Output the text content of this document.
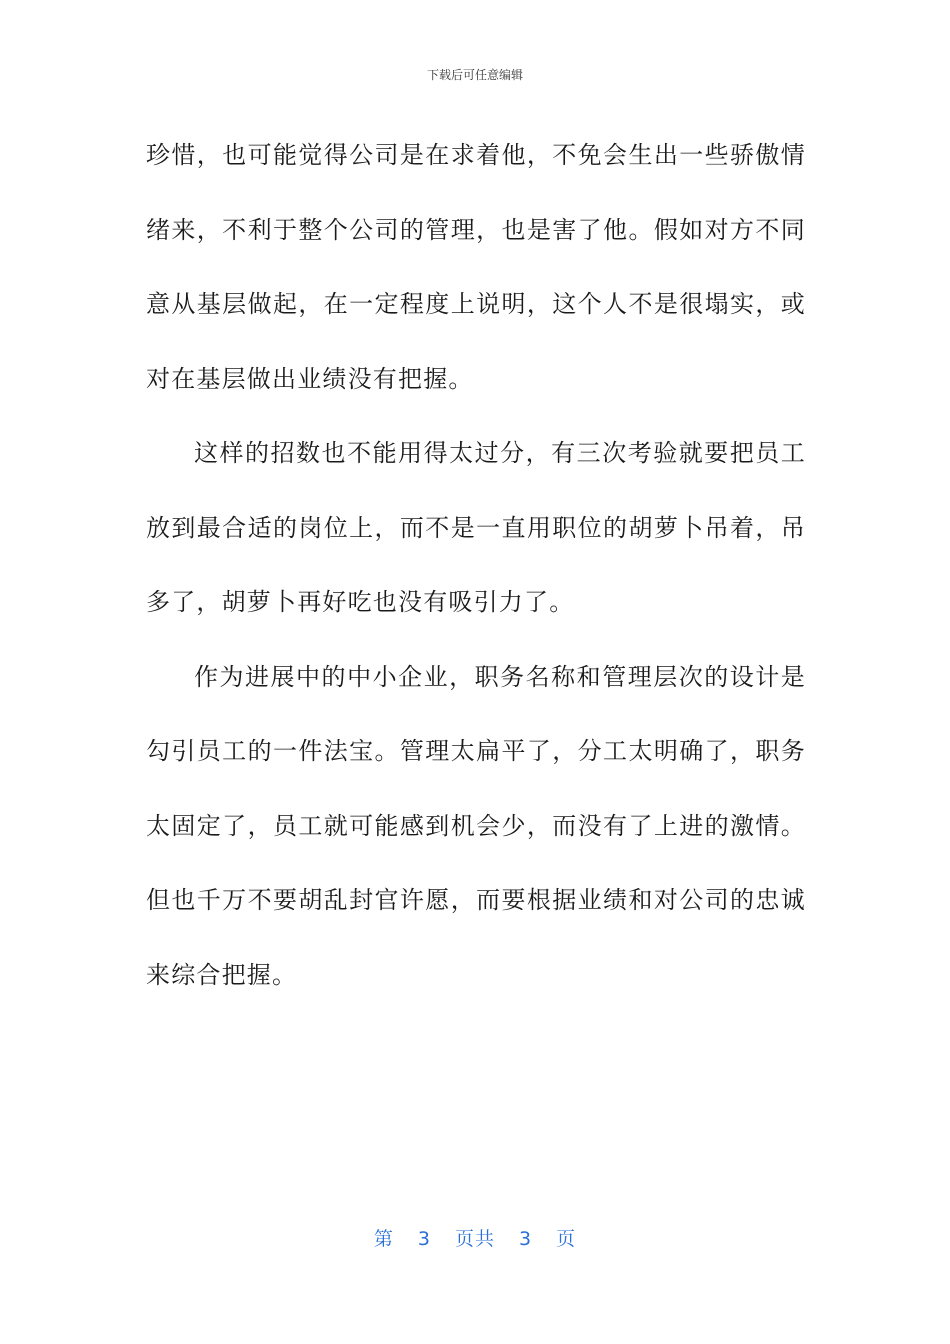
下载后可任意编辑

珍惜，也可能觉得公司是在求着他，不免会生出一些骄傲情绪来，不利于整个公司的管理，也是害了他。假如对方不同意从基层做起，在一定程度上说明，这个人不是很塌实，或对在基层做出业绩没有把握。

这样的招数也不能用得太过分，有三次考验就要把员工放到最合适的岗位上，而不是一直用职位的胡萝卜吊着，吊多了，胡萝卜再好吃也没有吸引力了。

作为进展中的中小企业，职务名称和管理层次的设计是勾引员工的一件法宝。管理太扁平了，分工太明确了，职务太固定了，员工就可能感到机会少，而没有了上进的激情。但也千万不要胡乱封官许愿，而要根据业绩和对公司的忠诚来综合把握。

第 3 页共 3 页
